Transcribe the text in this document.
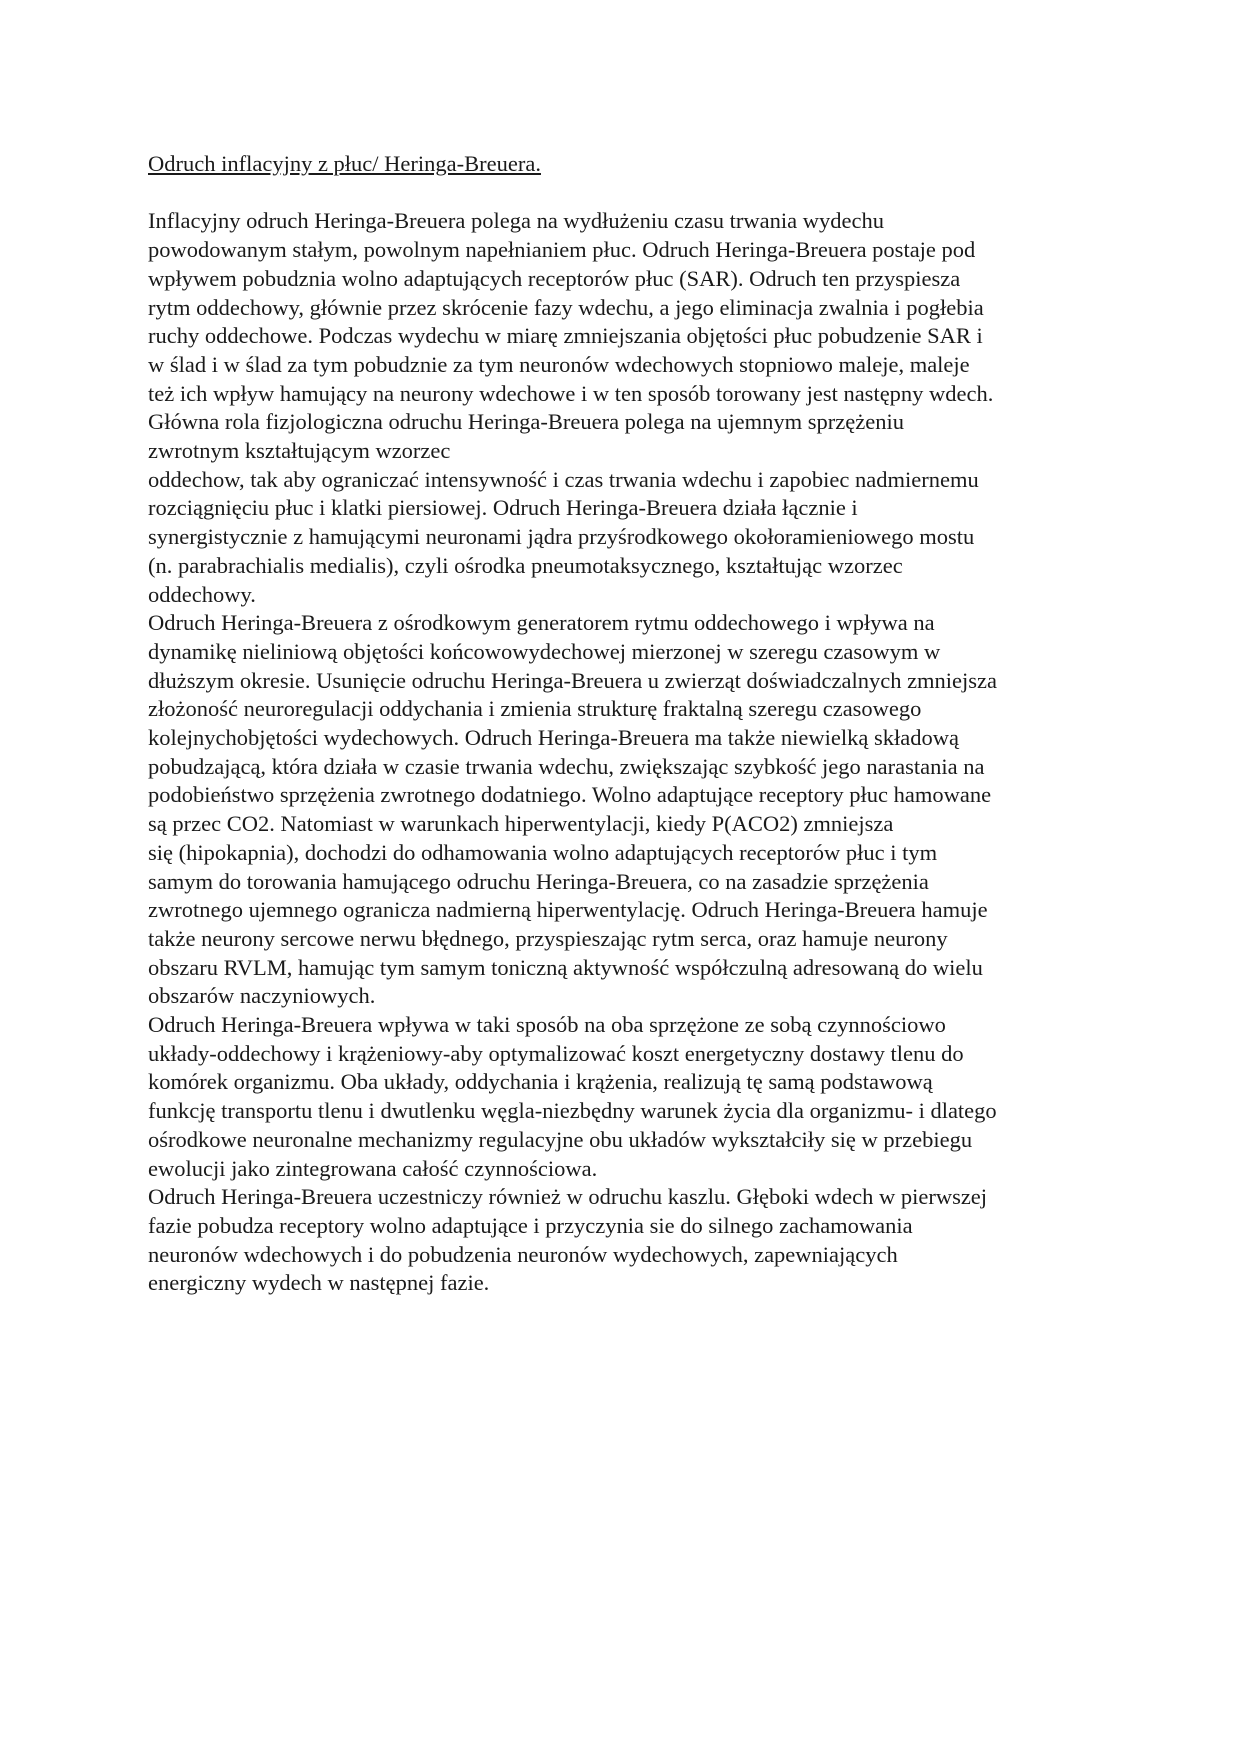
Odruch inflacyjny z płuc/ Heringa-Breuera.

Inflacyjny odruch Heringa-Breuera polega na wydłużeniu czasu trwania wydechu
powodowanym stałym, powolnym napełnianiem płuc. Odruch Heringa-Breuera postaje pod
wpływem pobudznia wolno adaptujących receptorów płuc (SAR). Odruch ten przyspiesza
rytm oddechowy, głównie przez skrócenie fazy wdechu, a jego eliminacja zwalnia i pogłebia
ruchy oddechowe. Podczas wydechu w miarę zmniejszania objętości płuc pobudzenie SAR i
w ślad i w ślad za tym pobudznie za tym neuronów wdechowych stopniowo maleje, maleje
też ich wpływ hamujący na neurony wdechowe i w ten sposób torowany jest następny wdech.
Główna rola fizjologiczna odruchu Heringa-Breuera polega na ujemnym sprzężeniu
zwrotnym kształtującym wzorzec
oddechow, tak aby ograniczać intensywność i czas trwania wdechu i zapobiec nadmiernemu
rozciągnięciu płuc i klatki piersiowej. Odruch Heringa-Breuera działa łącznie i
synergistycznie z hamującymi neuronami jądra przyśrodkowego okołoramieniowego mostu
(n. parabrachialis medialis), czyli ośrodka pneumotaksycznego, kształtując wzorzec
oddechowy.
Odruch Heringa-Breuera z ośrodkowym generatorem rytmu oddechowego i wpływa na
dynamikę nieliniową objętości końcowowydechowej mierzonej w szeregu czasowym w
dłuższym okresie. Usunięcie odruchu Heringa-Breuera u zwierząt doświadczalnych zmniejsza
złożoność neuroregulacji oddychania i zmienia strukturę fraktalną szeregu czasowego
kolejnychobjętości wydechowych. Odruch Heringa-Breuera ma także niewielką składową
pobudzającą, która działa w czasie trwania wdechu, zwiększając szybkość jego narastania na
podobieństwo sprzężenia zwrotnego dodatniego. Wolno adaptujące receptory płuc hamowane
są przec CO2. Natomiast w warunkach hiperwentylacji, kiedy P(ACO2) zmniejsza
się (hipokapnia), dochodzi do odhamowania wolno adaptujących receptorów płuc i tym
samym do torowania hamującego odruchu Heringa-Breuera, co na zasadzie sprzężenia
zwrotnego ujemnego ogranicza nadmierną hiperwentylację. Odruch Heringa-Breuera hamuje
także neurony sercowe nerwu błędnego, przyspieszając rytm serca, oraz hamuje neurony
obszaru RVLM, hamując tym samym toniczną aktywność współczulną adresowaną do wielu
obszarów naczyniowych.
Odruch Heringa-Breuera wpływa w taki sposób na oba sprzężone ze sobą czynnościowo
układy-oddechowy i krążeniowy-aby optymalizować koszt energetyczny dostawy tlenu do
komórek organizmu. Oba układy, oddychania i krążenia, realizują tę samą podstawową
funkcję transportu tlenu i dwutlenku węgla-niezbędny warunek życia dla organizmu- i dlatego
ośrodkowe neuronalne mechanizmy regulacyjne obu układów wykształciły się w przebiegu
ewolucji jako zintegrowana całość czynnościowa.
Odruch Heringa-Breuera uczestniczy również w odruchu kaszlu. Głęboki wdech w pierwszej
fazie pobudza receptory wolno adaptujące i przyczynia sie do silnego zachamowania
neuronów wdechowych i do pobudzenia neuronów wydechowych, zapewniających
energiczny wydech w następnej fazie.
